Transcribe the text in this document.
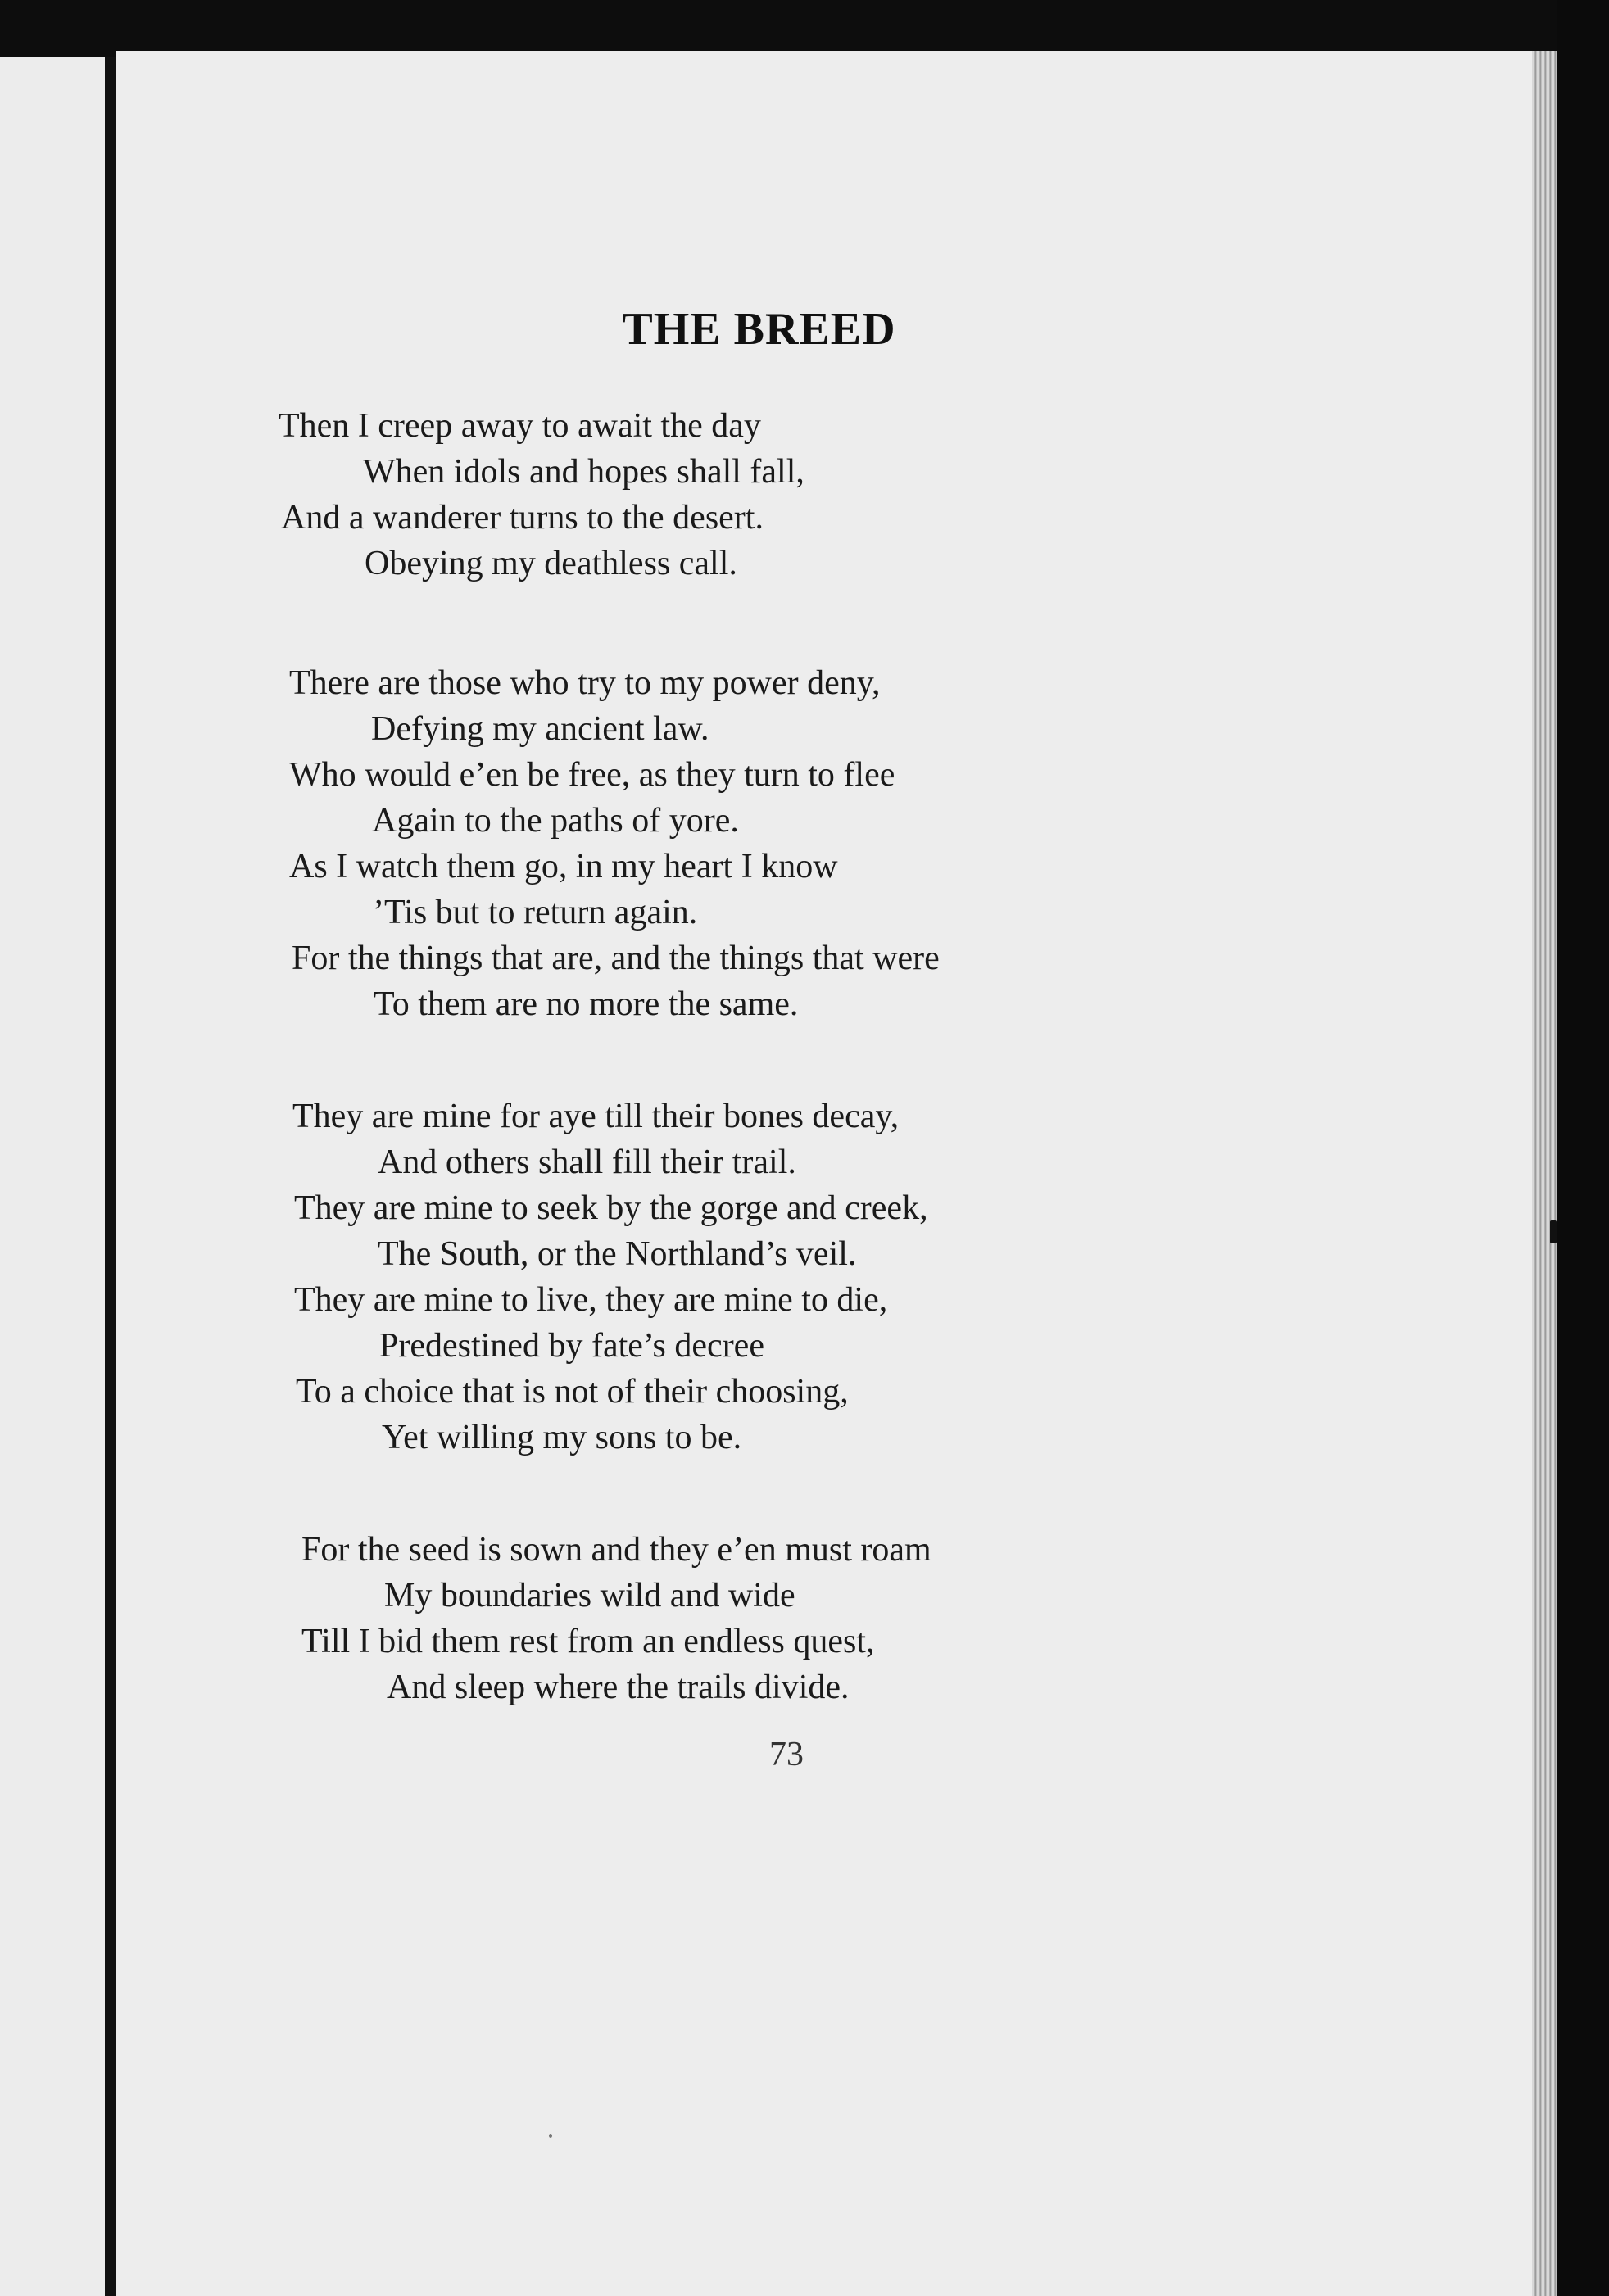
THE BREED

Then I creep away to await the day

When idols and hopes shall fall,

And a wanderer turns to the desert.

Obeying my deathless call.

There are those who try to my power deny,

Defying my ancient law.

Who would e’en be free, as they turn to flee

Again to the paths of yore.

As I watch them go, in my heart I know

’Tis but to return again.

For the things that are, and the things that were

To them are no more the same.

They are mine for aye till their bones decay,

And others shall fill their trail.

They are mine to seek by the gorge and creek,

The South, or the Northland’s veil.

They are mine to live, they are mine to die,

Predestined by fate’s decree

To a choice that is not of their choosing,

Yet willing my sons to be.

For the seed is sown and they e’en must roam

My boundaries wild and wide

Till I bid them rest from an endless quest,

And sleep where the trails divide.

73
